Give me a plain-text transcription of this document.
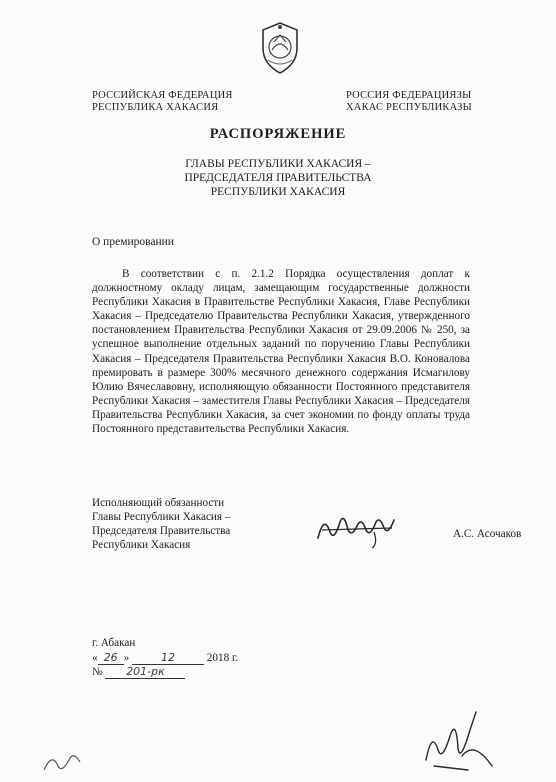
РОССИЙСКАЯ ФЕДЕРАЦИЯ
РЕСПУБЛИКА ХАКАСИЯ
РОССИЯ ФЕДЕРАЦИЯЗЫ
ХАКАС РЕСПУБЛИКАЗЫ
РАСПОРЯЖЕНИЕ
ГЛАВЫ РЕСПУБЛИКИ ХАКАСИЯ –
ПРЕДСЕДАТЕЛЯ ПРАВИТЕЛЬСТВА
РЕСПУБЛИКИ ХАКАСИЯ
О премировании
В соответствии с п. 2.1.2 Порядка осуществления доплат к должностному окладу лицам, замещающим государственные должности Республики Хакасия в Правительстве Республики Хакасия, Главе Республики Хакасия – Председателю Правительства Республики Хакасия, утвержденного постановлением Правительства Республики Хакасия от 29.09.2006 № 250, за успешное выполнение отдельных заданий по поручению Главы Республики Хакасия – Председателя Правительства Республики Хакасия В.О. Коновалова премировать в размере 300% месячного денежного содержания Исмагилову Юлию Вячеславовну, исполняющую обязанности Постоянного представителя Республики Хакасия – заместителя Главы Республики Хакасия – Председателя Правительства Республики Хакасия, за счет экономии по фонду оплаты труда Постоянного представительства Республики Хакасия.
Исполняющий обязанности
Главы Республики Хакасия –
Председателя Правительства
Республики Хакасия
А.С. Асочаков
г. Абакан
« 26 »	12	2018 г.
№ 201-рк
